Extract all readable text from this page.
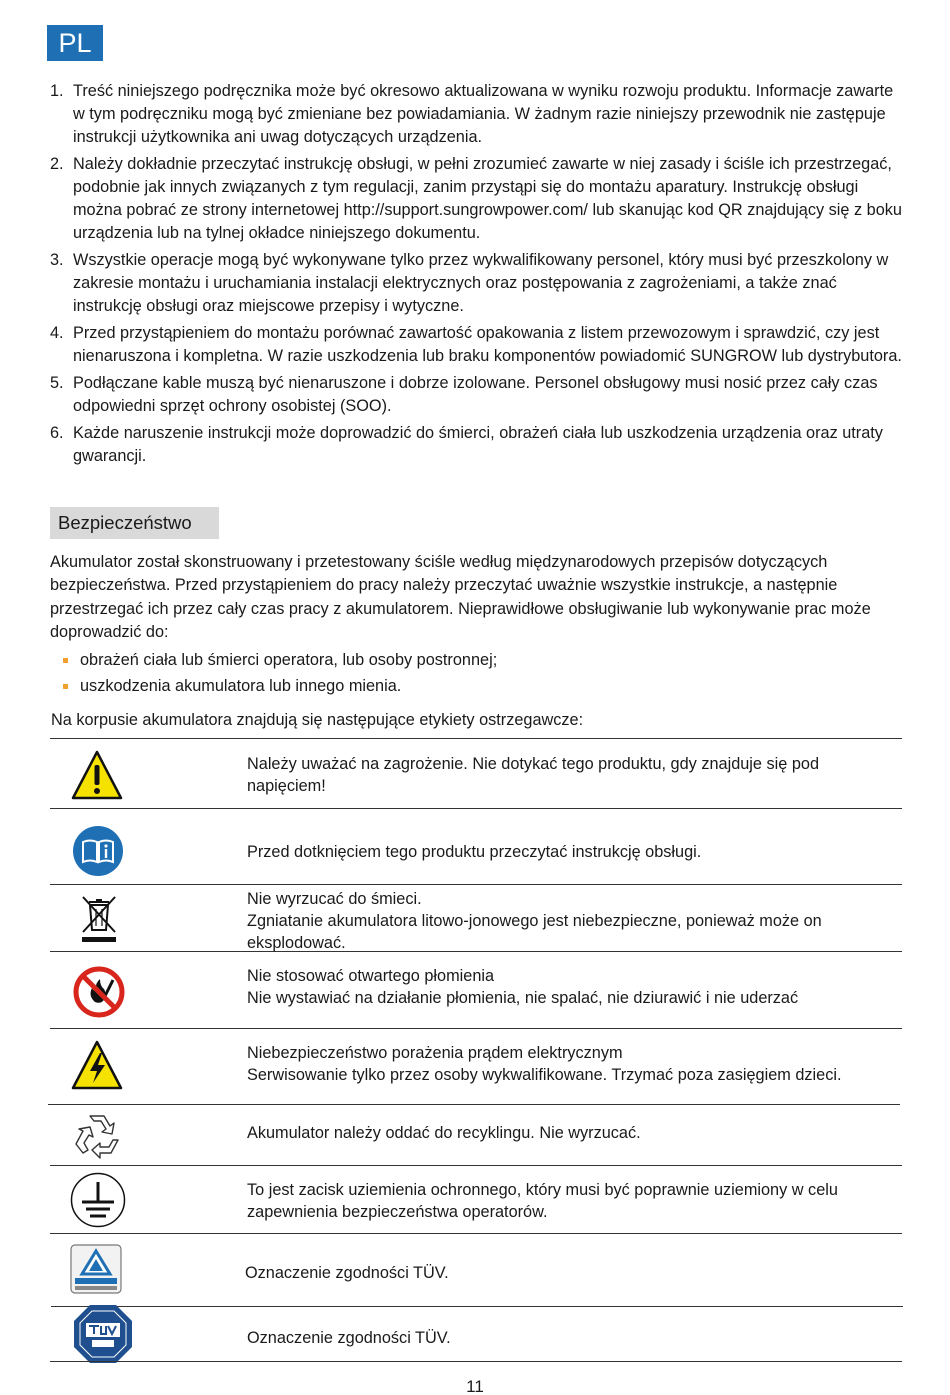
PL
1. Treść niniejszego podręcznika może być okresowo aktualizowana w wyniku rozwoju produktu. Informacje zawarte w tym podręczniku mogą być zmieniane bez powiadamiania. W żadnym razie niniejszy przewodnik nie zastępuje instrukcji użytkownika ani uwag dotyczących urządzenia.
2. Należy dokładnie przeczytać instrukcję obsługi, w pełni zrozumieć zawarte w niej zasady i ściśle ich przestrzegać, podobnie jak innych związanych z tym regulacji, zanim przystąpi się do montażu aparatury. Instrukcję obsługi można pobrać ze strony internetowej http://support.sungrowpower.com/ lub skanując kod QR znajdujący się z boku urządzenia lub na tylnej okładce niniejszego dokumentu.
3. Wszystkie operacje mogą być wykonywane tylko przez wykwalifikowany personel, który musi być przeszkolony w zakresie montażu i uruchamiania instalacji elektrycznych oraz postępowania z zagrożeniami, a także znać instrukcję obsługi oraz miejscowe przepisy i wytyczne.
4. Przed przystąpieniem do montażu porównać zawartość opakowania z listem przewozowym i sprawdzić, czy jest nienaruszona i kompletna. W razie uszkodzenia lub braku komponentów powiadomić SUNGROW lub dystrybutora.
5. Podłączane kable muszą być nienaruszone i dobrze izolowane. Personel obsługowy musi nosić przez cały czas odpowiedni sprzęt ochrony osobistej (SOO).
6. Każde naruszenie instrukcji może doprowadzić do śmierci, obrażeń ciała lub uszkodzenia urządzenia oraz utraty gwarancji.
Bezpieczeństwo

Akumulator został skonstruowany i przetestowany ściśle według międzynarodowych przepisów dotyczących bezpieczeństwa. Przed przystąpieniem do pracy należy przeczytać uważnie wszystkie instrukcje, a następnie przestrzegać ich przez cały czas pracy z akumulatorem. Nieprawidłowe obsługiwanie lub wykonywanie prac może doprowadzić do:

obrażeń ciała lub śmierci operatora, lub osoby postronnej;
uszkodzenia akumulatora lub innego mienia.
Na korpusie akumulatora znajdują się następujące etykiety ostrzegawcze:
Należy uważać na zagrożenie. Nie dotykać tego produktu, gdy znajduje się pod napięciem!
Przed dotknięciem tego produktu przeczytać instrukcję obsługi.
Nie wyrzucać do śmieci.
Zgniatanie akumulatora litowo-jonowego jest niebezpieczne, ponieważ może on eksplodować.
Nie stosować otwartego płomienia
Nie wystawiać na działanie płomienia, nie spalać, nie dziurawić i nie uderzać
Niebezpieczeństwo porażenia prądem elektrycznym
Serwisowanie tylko przez osoby wykwalifikowane. Trzymać poza zasięgiem dzieci.
Akumulator należy oddać do recyklingu. Nie wyrzucać.
To jest zacisk uziemienia ochronnego, który musi być poprawnie uziemiony w celu zapewnienia bezpieczeństwa operatorów.
Oznaczenie zgodności TÜV.
Oznaczenie zgodności TÜV.
11
